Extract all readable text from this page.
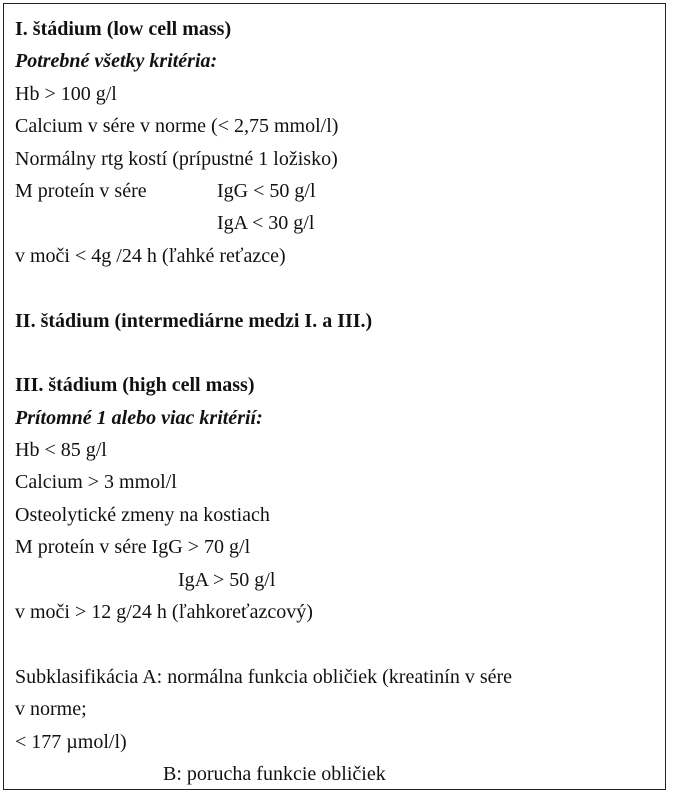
I. štádium (low cell mass)
Potrebné všetky kritéria:
Hb > 100 g/l
Calcium v sére v norme (< 2,75 mmol/l)
Normálny rtg kostí (prípustné 1 ložisko)
M proteín v sére	IgG < 50 g/l
IgA < 30 g/l
v moči < 4g /24 h (ľahké reťazce)
II. štádium (intermediárne medzi I. a III.)
III. štádium (high cell mass)
Prítomné 1 alebo viac kritérií:
Hb < 85 g/l
Calcium > 3 mmol/l
Osteolytické zmeny na kostiach
M proteín v sére IgG > 70 g/l
IgA > 50 g/l
v moči > 12 g/24 h (ľahkoreťazcový)
Subklasifikácia A: normálna funkcia obličiek (kreatinín v sére
v norme;
< 177 µmol/l)
B: porucha funkcie obličiek
